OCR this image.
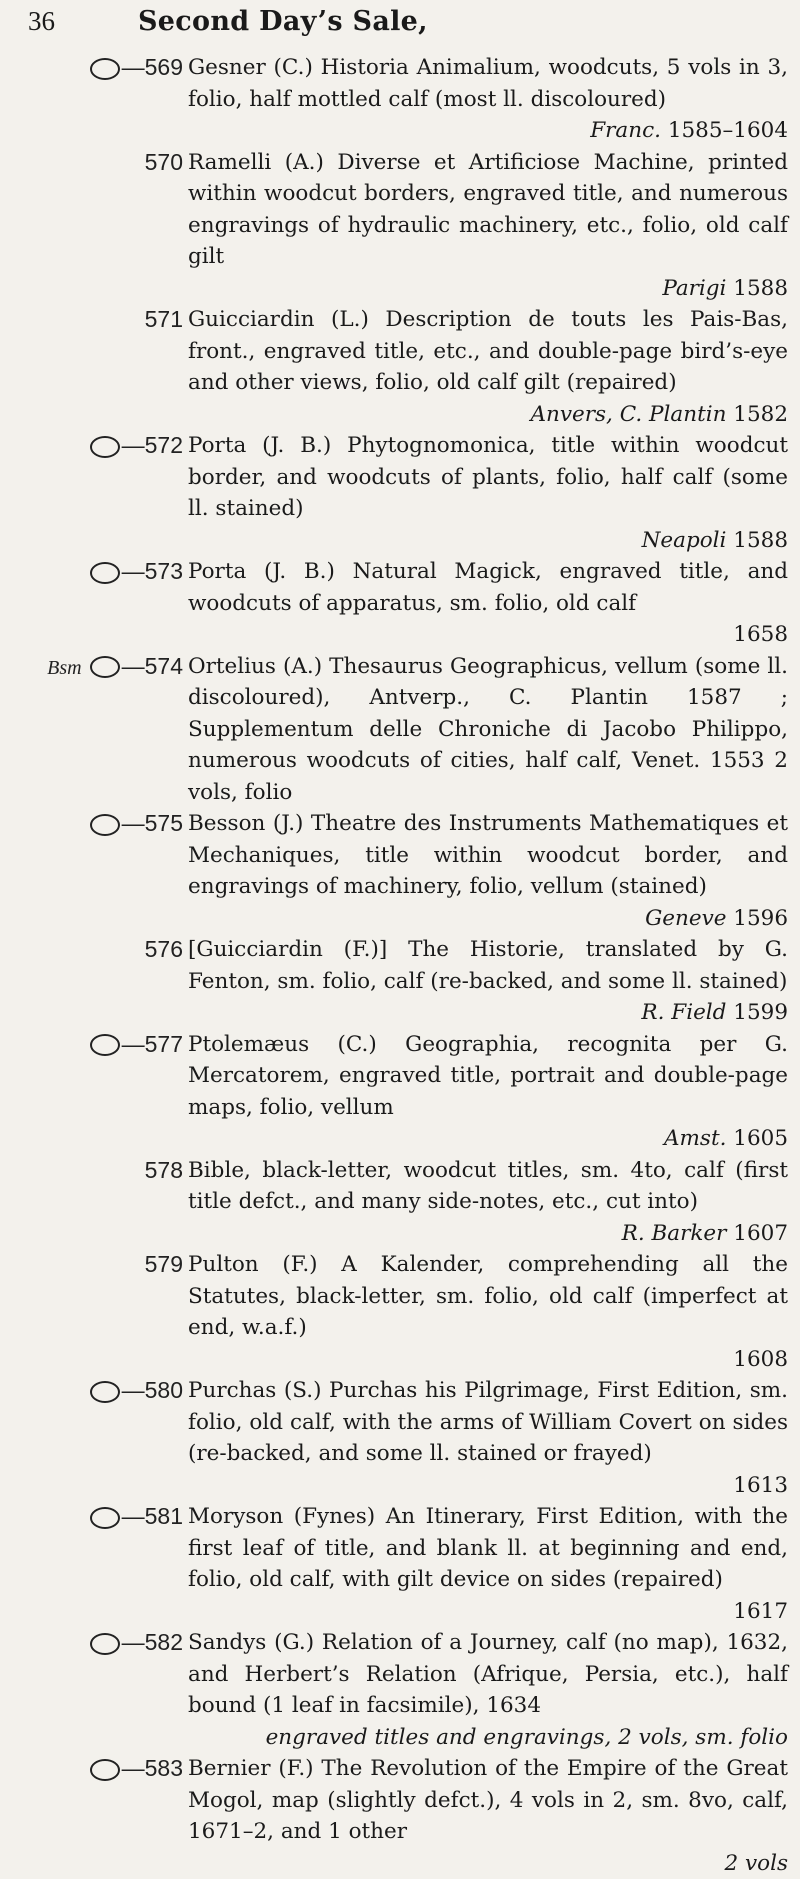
36	Second Day’s Sale,
—569 Gesner (C.) Historia Animalium, woodcuts, 5 vols in 3, folio, half mottled calf (most ll. discoloured)
Franc. 1585–1604
570 Ramelli (A.) Diverse et Artificiose Machine, printed within woodcut borders, engraved title, and numerous engravings of hydraulic machinery, etc., folio, old calf gilt
Parigi 1588
571 Guicciardin (L.) Description de touts les Pais-Bas, front., engraved title, etc., and double-page bird’s-eye and other views, folio, old calf gilt (repaired)
Anvers, C. Plantin 1582
—572 Porta (J. B.) Phytognomonica, title within woodcut border, and woodcuts of plants, folio, half calf (some ll. stained)
Neapoli 1588
—573 Porta (J. B.) Natural Magick, engraved title, and woodcuts of apparatus, sm. folio, old calf
1658
Bsm —574 Ortelius (A.) Thesaurus Geographicus, vellum (some ll. discoloured), Antverp., C. Plantin 1587 ; Supplementum delle Chroniche di Jacobo Philippo, numerous woodcuts of cities, half calf, Venet. 1553 2 vols, folio
—575 Besson (J.) Theatre des Instruments Mathematiques et Mechaniques, title within woodcut border, and engravings of machinery, folio, vellum (stained)
Geneve 1596
576 [Guicciardin (F.)] The Historie, translated by G. Fenton, sm. folio, calf (re-backed, and some ll. stained)
R. Field 1599
—577 Ptolemæus (C.) Geographia, recognita per G. Mercatorem, engraved title, portrait and double-page maps, folio, vellum
Amst. 1605
578 Bible, black-letter, woodcut titles, sm. 4to, calf (first title defct., and many side-notes, etc., cut into)
R. Barker 1607
579 Pulton (F.) A Kalender, comprehending all the Statutes, black-letter, sm. folio, old calf (imperfect at end, w.a.f.)
1608
—580 Purchas (S.) Purchas his Pilgrimage, First Edition, sm. folio, old calf, with the arms of William Covert on sides (re-backed, and some ll. stained or frayed)
1613
—581 Moryson (Fynes) An Itinerary, First Edition, with the first leaf of title, and blank ll. at beginning and end, folio, old calf, with gilt device on sides (repaired)
1617
—582 Sandys (G.) Relation of a Journey, calf (no map), 1632, and Herbert’s Relation (Afrique, Persia, etc.), half bound (1 leaf in facsimile), 1634
engraved titles and engravings, 2 vols, sm. folio
—583 Bernier (F.) The Revolution of the Empire of the Great Mogol, map (slightly defct.), 4 vols in 2, sm. 8vo, calf, 1671–2, and 1 other
2 vols
